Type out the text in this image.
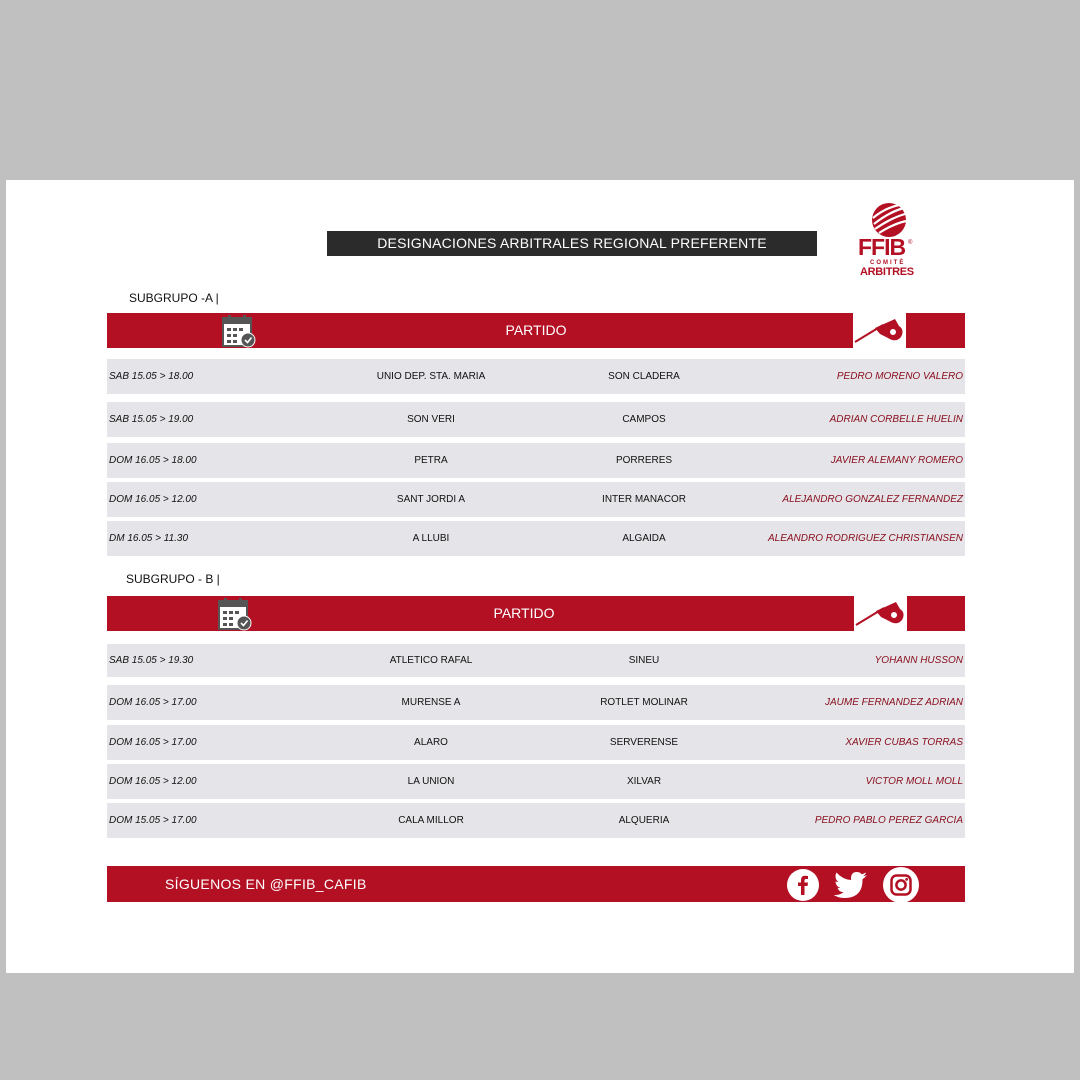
DESIGNACIONES ARBITRALES REGIONAL PREFERENTE	FFIB ®
COMITÈ
ARBITRES
SUBGRUPO -A |
PARTIDO
SAB 15.05 > 18.00	UNIO DEP. STA. MARIA	SON CLADERA	PEDRO MORENO VALERO
SAB 15.05 > 19.00	SON VERI	CAMPOS	ADRIAN CORBELLE HUELIN
DOM 16.05 > 18.00	PETRA	PORRERES	JAVIER ALEMANY ROMERO
DOM 16.05 > 12.00	SANT JORDI A	INTER MANACOR	ALEJANDRO GONZALEZ FERNANDEZ
DM 16.05 > 11.30	A LLUBI	ALGAIDA	ALEANDRO RODRIGUEZ CHRISTIANSEN
SUBGRUPO - B |
PARTIDO
SAB 15.05 > 19.30	ATLETICO RAFAL	SINEU	YOHANN HUSSON
DOM 16.05 > 17.00	MURENSE A	ROTLET MOLINAR	JAUME FERNANDEZ ADRIAN
DOM 16.05 > 17.00	ALARO	SERVERENSE	XAVIER CUBAS TORRAS
DOM 16.05 > 12.00	LA UNION	XILVAR	VICTOR MOLL MOLL
DOM 15.05 > 17.00	CALA MILLOR	ALQUERIA	PEDRO PABLO PEREZ GARCIA
SÍGUENOS EN @FFIB_CAFIB
